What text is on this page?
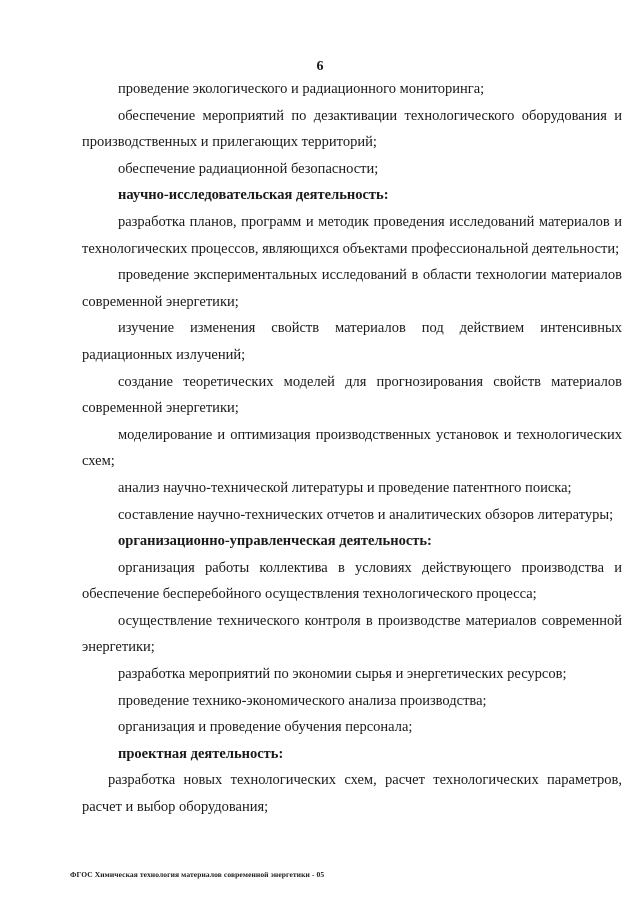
6

проведение экологического и радиационного мониторинга;

обеспечение мероприятий по дезактивации технологического оборудования и производственных и прилегающих территорий;

обеспечение радиационной безопасности;

научно-исследовательская деятельность:

разработка планов, программ и методик проведения исследований материалов и технологических процессов, являющихся объектами профессиональной деятельности;

проведение экспериментальных исследований в области технологии материалов современной энергетики;

изучение изменения свойств материалов под действием интенсивных радиационных излучений;

создание теоретических моделей для прогнозирования свойств материалов современной энергетики;

моделирование и оптимизация производственных установок и технологических схем;

анализ научно-технической литературы и проведение патентного поиска;

составление научно-технических отчетов и аналитических обзоров литературы;

организационно-управленческая деятельность:

организация работы коллектива в условиях действующего производства и обеспечение бесперебойного осуществления технологического процесса;

осуществление технического контроля в производстве материалов современной энергетики;

разработка мероприятий по экономии сырья и энергетических ресурсов;

проведение технико-экономического анализа производства;

организация и проведение обучения персонала;

проектная деятельность:

разработка новых технологических схем, расчет технологических параметров, расчет и выбор оборудования;

ФГОС Химическая технология материалов современной энергетики - 05
